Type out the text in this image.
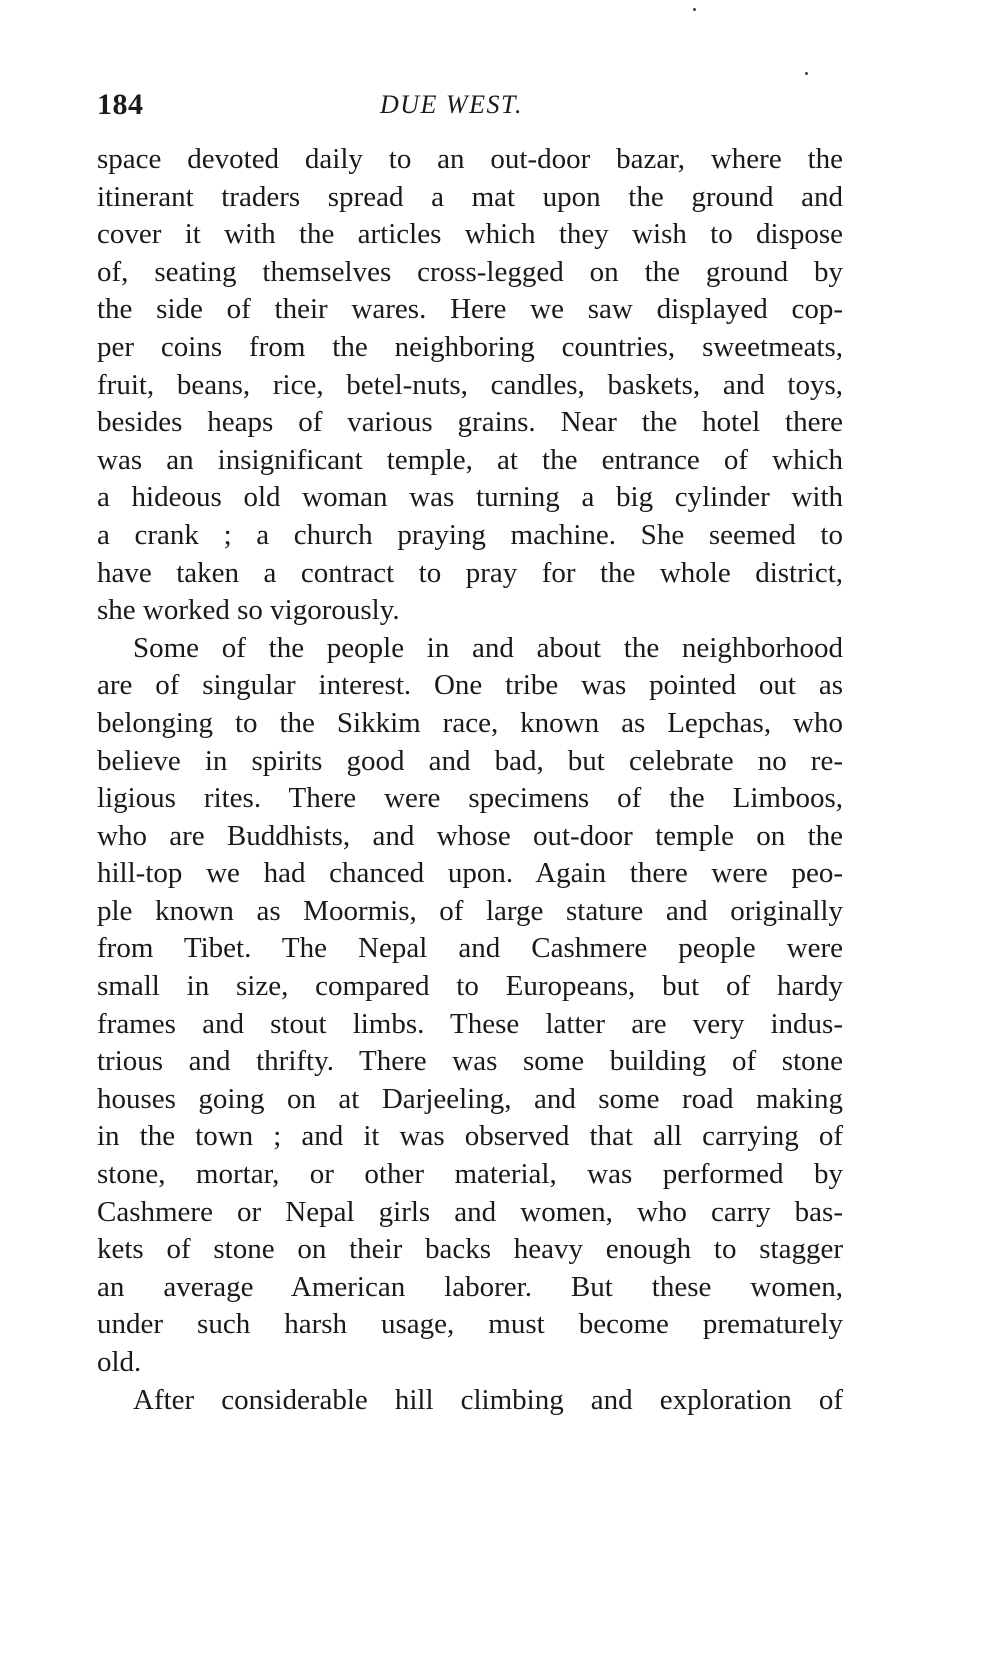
184	DUE WEST.
space devoted daily to an out-door bazar, where the
itinerant traders spread a mat upon the ground and
cover it with the articles which they wish to dispose
of, seating themselves cross-legged on the ground by
the side of their wares. Here we saw displayed cop-
per coins from the neighboring countries, sweetmeats,
fruit, beans, rice, betel-nuts, candles, baskets, and toys,
besides heaps of various grains. Near the hotel there
was an insignificant temple, at the entrance of which
a hideous old woman was turning a big cylinder with
a crank ; a church praying machine. She seemed to
have taken a contract to pray for the whole district,
she worked so vigorously.
Some of the people in and about the neighborhood
are of singular interest. One tribe was pointed out as
belonging to the Sikkim race, known as Lepchas, who
believe in spirits good and bad, but celebrate no re-
ligious rites. There were specimens of the Limboos,
who are Buddhists, and whose out-door temple on the
hill-top we had chanced upon. Again there were peo-
ple known as Moormis, of large stature and originally
from Tibet. The Nepal and Cashmere people were
small in size, compared to Europeans, but of hardy
frames and stout limbs. These latter are very indus-
trious and thrifty. There was some building of stone
houses going on at Darjeeling, and some road making
in the town ; and it was observed that all carrying of
stone, mortar, or other material, was performed by
Cashmere or Nepal girls and women, who carry bas-
kets of stone on their backs heavy enough to stagger
an average American laborer. But these women,
under such harsh usage, must become prematurely
old.
After considerable hill climbing and exploration of
